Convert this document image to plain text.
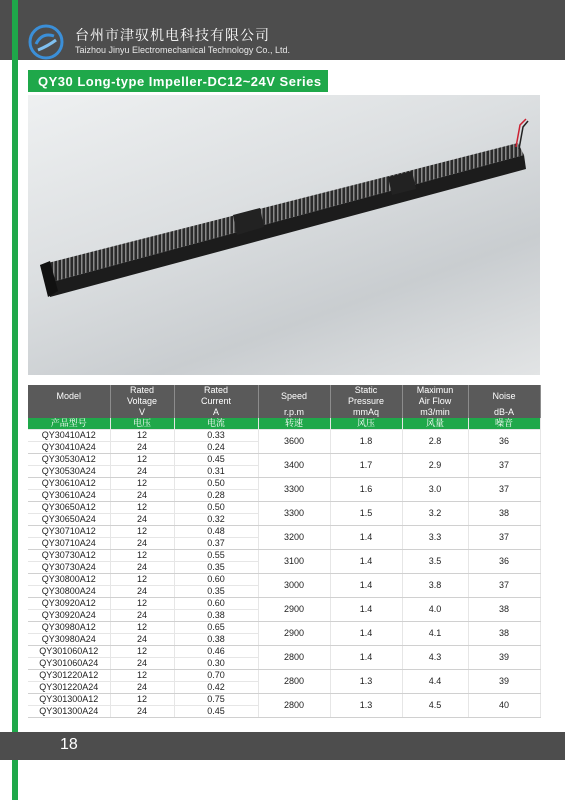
台州市津驭机电科技有限公司
Taizhou Jinyu Electromechanical Technology Co., Ltd.
QY30 Long-type Impeller-DC12~24V Series
Model	Rated	Rated	Speed	Static	Maximun	Noise
	Voltage	Current		Pressure	Air Flow	
	V	A	r.p.m	mmAq	m3/min	dB-A
产品型号	电压	电流	转速	风压	风量	噪音
QY30410A12	12	0.33	3600	1.8	2.8	36
QY30410A24	24	0.24				
QY30530A12	12	0.45	3400	1.7	2.9	37
QY30530A24	24	0.31				
QY30610A12	12	0.50	3300	1.6	3.0	37
QY30610A24	24	0.28				
QY30650A12	12	0.50	3300	1.5	3.2	38
QY30650A24	24	0.32				
QY30710A12	12	0.48	3200	1.4	3.3	37
QY30710A24	24	0.37				
QY30730A12	12	0.55	3100	1.4	3.5	36
QY30730A24	24	0.35				
QY30800A12	12	0.60	3000	1.4	3.8	37
QY30800A24	24	0.35				
QY30920A12	12	0.60	2900	1.4	4.0	38
QY30920A24	24	0.38				
QY30980A12	12	0.65	2900	1.4	4.1	38
QY30980A24	24	0.38				
QY301060A12	12	0.46	2800	1.4	4.3	39
QY301060A24	24	0.30				
QY301220A12	12	0.70	2800	1.3	4.4	39
QY301220A24	24	0.42				
QY301300A12	12	0.75	2800	1.3	4.5	40
QY301300A24	24	0.45				
18
